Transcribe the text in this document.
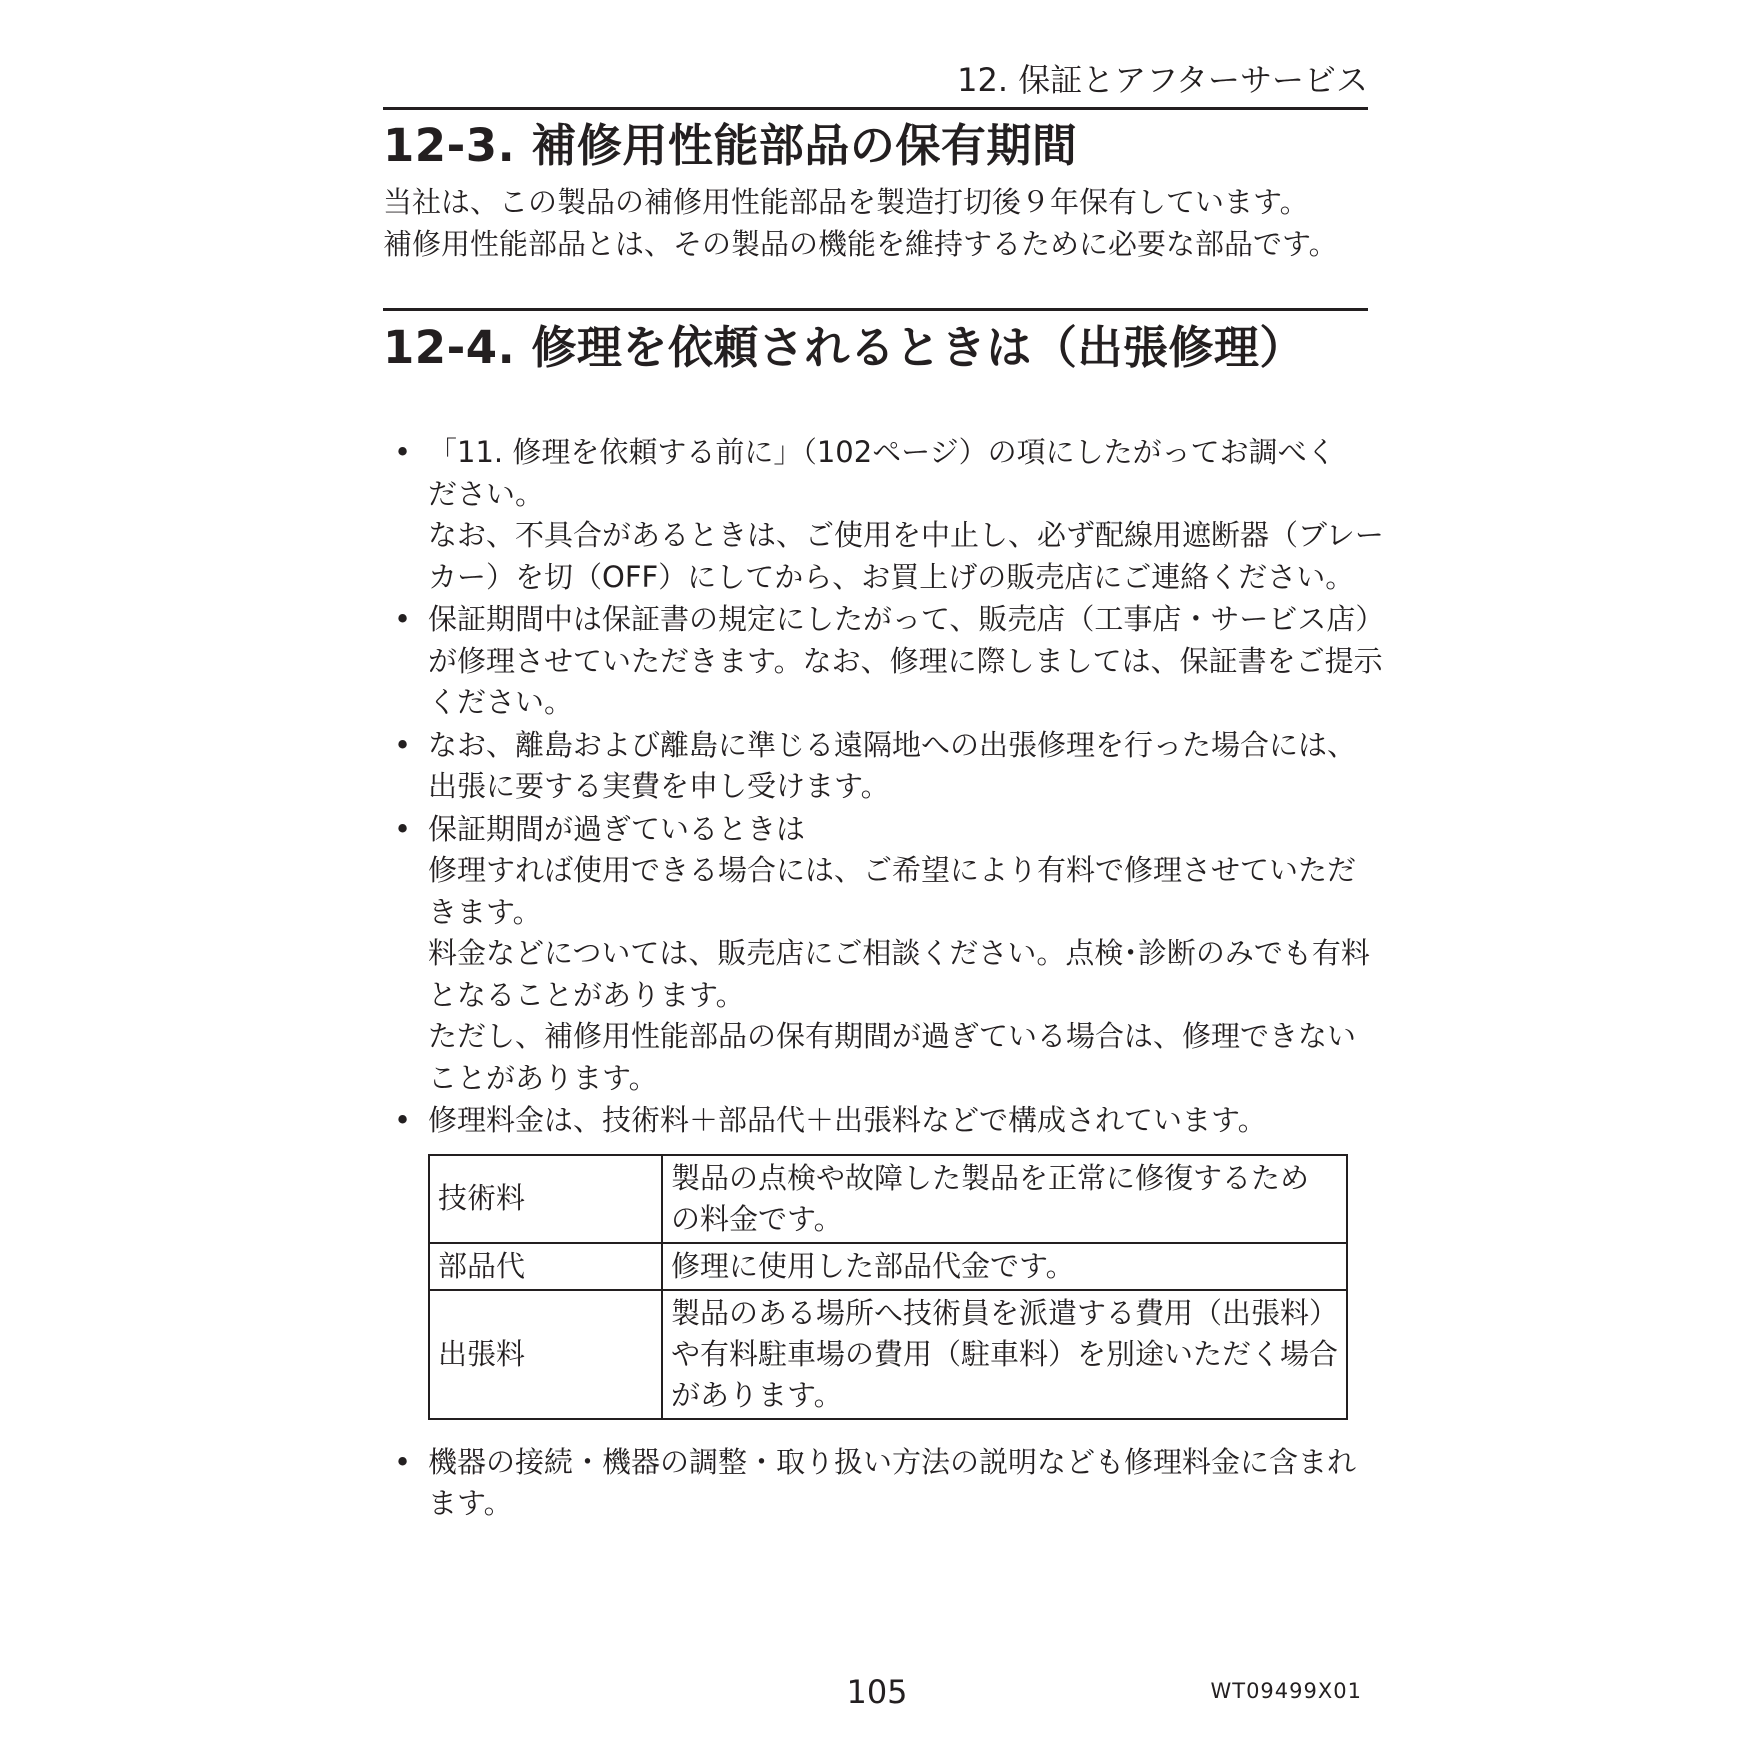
12. 保証とアフターサービス
12-3. 補修用性能部品の保有期間
当社は、この製品の補修用性能部品を製造打切後９年保有しています。
補修用性能部品とは、その製品の機能を維持するために必要な部品です。
12-4. 修理を依頼されるときは（出張修理）
• 「11. 修理を依頼する前に」（102ページ）の項にしたがってお調べく
ださい。
なお、不具合があるときは、ご使用を中止し、必ず配線用遮断器（ブレー
カー）を切（OFF）にしてから、お買上げの販売店にご連絡ください。
• 保証期間中は保証書の規定にしたがって、販売店（工事店・サービス店）
が修理させていただきます。なお、修理に際しましては、保証書をご提示
ください。
• なお、離島および離島に準じる遠隔地への出張修理を行った場合には、
出張に要する実費を申し受けます。
• 保証期間が過ぎているときは
修理すれば使用できる場合には、ご希望により有料で修理させていただ
きます。
料金などについては、販売店にご相談ください。点検･診断のみでも有料
となることがあります。
ただし、補修用性能部品の保有期間が過ぎている場合は、修理できない
ことがあります。
• 修理料金は、技術料＋部品代＋出張料などで構成されています。
技術料	製品の点検や故障した製品を正常に修復するため
の料金です。

部品代	修理に使用した部品代金です。

出張料	製品のある場所へ技術員を派遣する費用（出張料）
や有料駐車場の費用（駐車料）を別途いただく場合
があります。
• 機器の接続・機器の調整・取り扱い方法の説明なども修理料金に含まれ
ます。
105	WT09499X01
